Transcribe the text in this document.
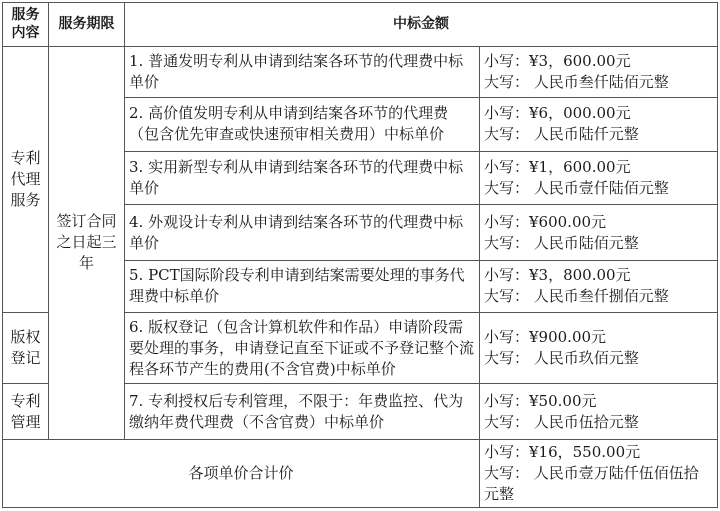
服务内容	服务期限	中标金额	
专利代理服务	签订合同之日起三年	1. 普通发明专利从申请到结案各环节的代理费中标单价	小写：¥3，600.00元
大写： 人民币叁仟陆佰元整

		2. 高价值发明专利从申请到结案各环节的代理费（包含优先审查或快速预审相关费用）中标单价	小写：¥6，000.00元
大写： 人民币陆仟元整

		3. 实用新型专利从申请到结案各环节的代理费中标单价	小写：¥1，600.00元
大写： 人民币壹仟陆佰元整

		4. 外观设计专利从申请到结案各环节的代理费中标单价	小写：¥600.00元
大写： 人民币陆佰元整

		5. PCT国际阶段专利申请到结案需要处理的事务代理费中标单价	小写：¥3，800.00元
大写： 人民币叁仟捌佰元整

版权登记		6. 版权登记（包含计算机软件和作品）申请阶段需要处理的事务，申请登记直至下证或不予登记整个流程各环节产生的费用(不含官费)中标单价	小写：¥900.00元
大写： 人民币玖佰元整

专利管理		7. 专利授权后专利管理，不限于：年费监控、代为缴纳年费代理费（不含官费）中标单价	小写：¥50.00元
大写： 人民币伍拾元整

各项单价合计价			小写：¥16，550.00元
大写： 人民币壹万陆仟伍佰伍拾元整
